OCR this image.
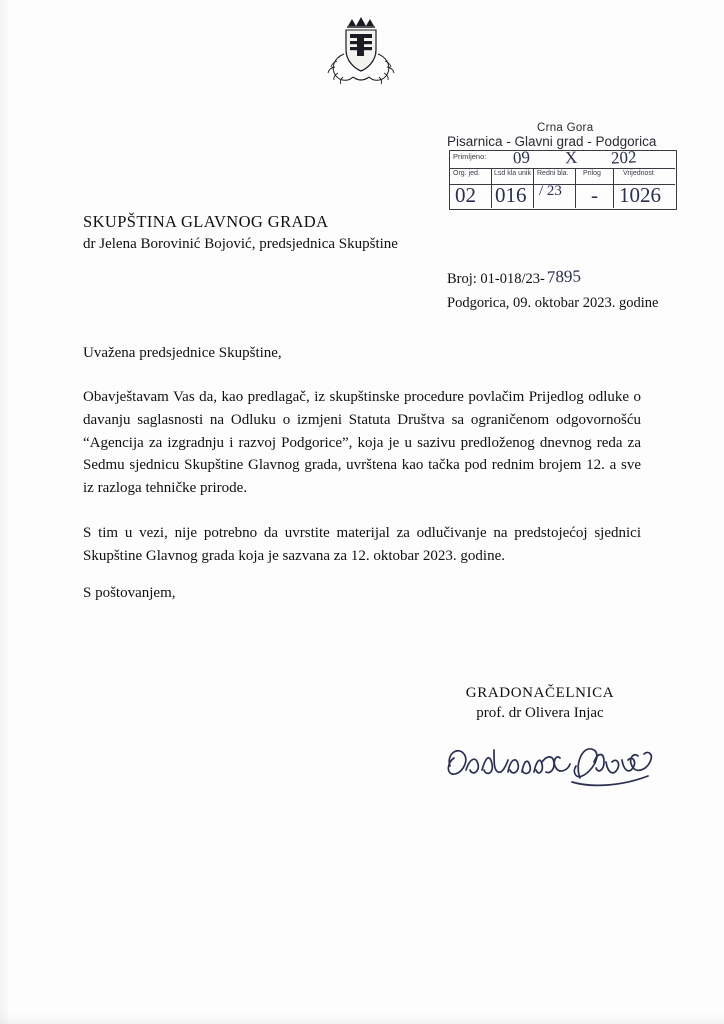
Crna Gora
Pisarnica - Glavni grad - Podgorica
Primljeno: 09 X 202
Org. jed. Lsd kla unik Redni bla. Prilog	Vrijednost
02 016 / 23 - 1026
SKUPŠTINA GLAVNOG GRADA
dr Jelena Borovinić Bojović, predsjednica Skupštine
Broj: 01-018/23-7895
Podgorica, 09. oktobar 2023. godine
Uvažena predsjednice Skupštine,

Obavještavam Vas da, kao predlagač, iz skupštinske procedure povlačim Prijedlog odluke o davanju saglasnosti na Odluku o izmjeni Statuta Društva sa ograničenom odgovornošću “Agencija za izgradnju i razvoj Podgorice”, koja je u sazivu predloženog dnevnog reda za Sedmu sjednicu Skupštine Glavnog grada, uvrštena kao tačka pod rednim brojem 12. a sve iz razloga tehničke prirode.

S tim u vezi, nije potrebno da uvrstite materijal za odlučivanje na predstojećoj sjednici Skupštine Glavnog grada koja je sazvana za 12. oktobar 2023. godine.

S poštovanjem,
GRADONAČELNICA
prof. dr Olivera Injac
